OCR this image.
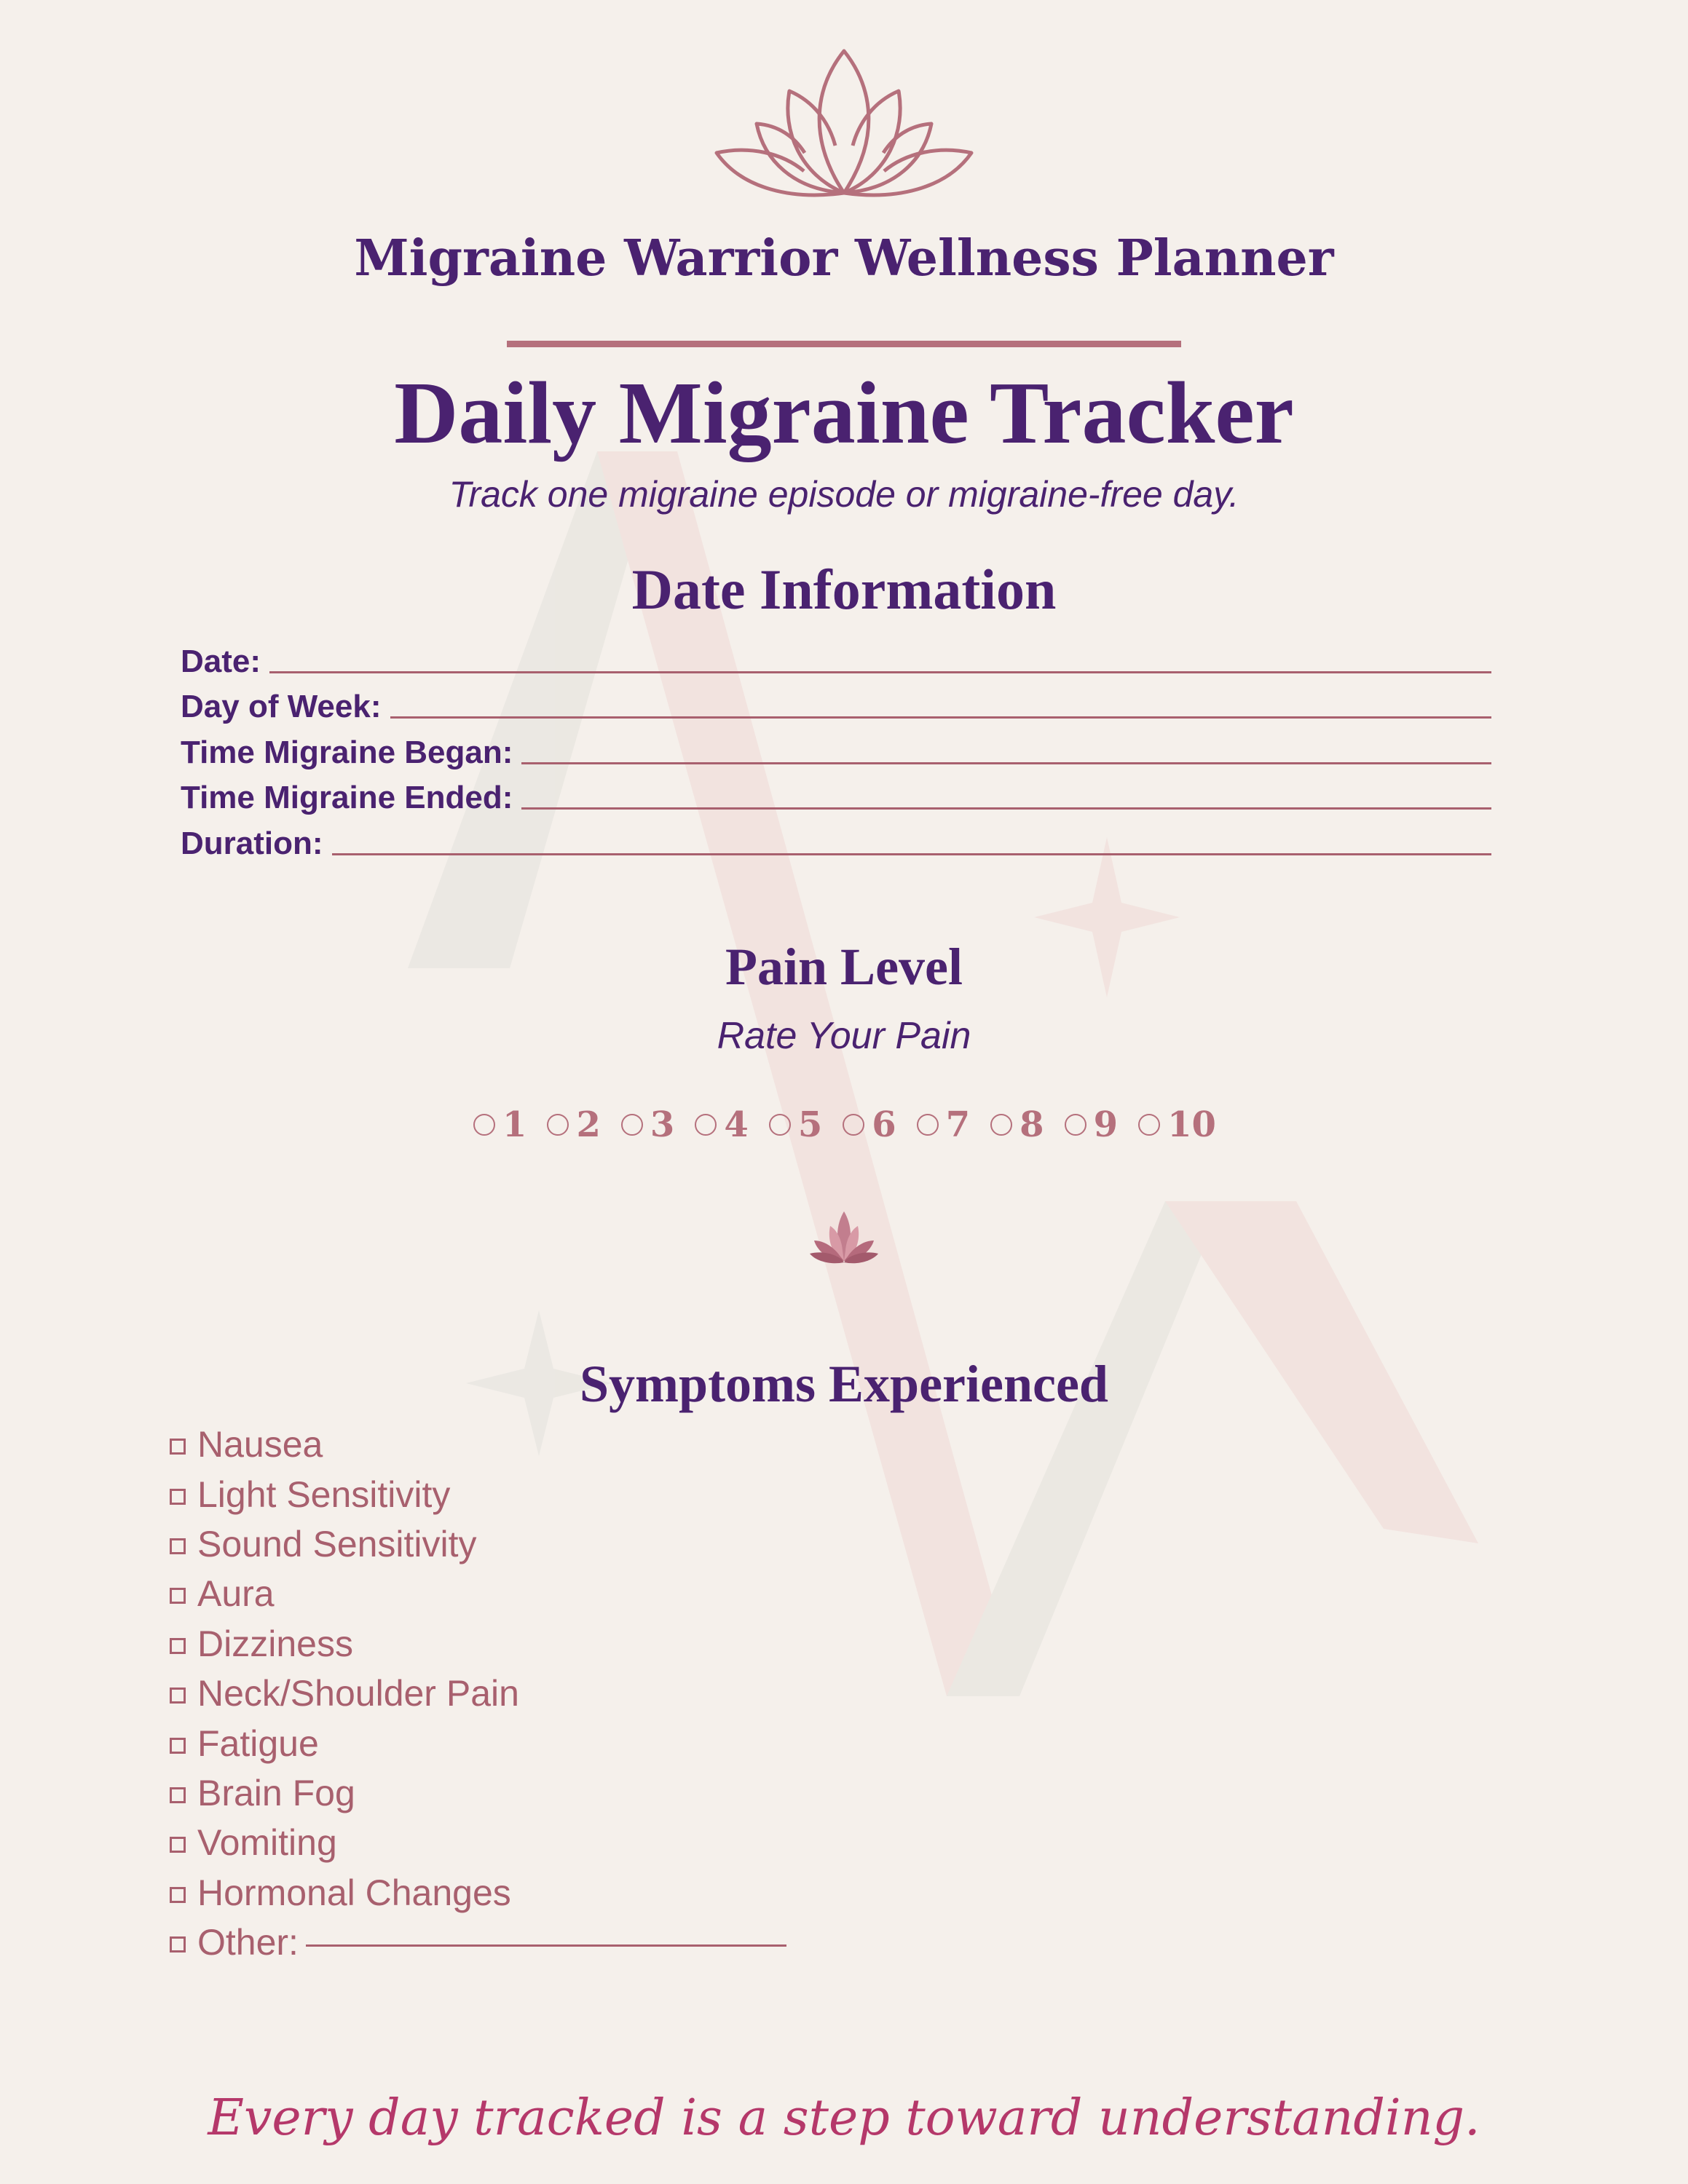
Migraine Warrior Wellness Planner
Daily Migraine Tracker
Track one migraine episode or migraine-free day.
Date Information
Date:
Day of Week:
Time Migraine Began:
Time Migraine Ended:
Duration:
Pain Level
Rate Your Pain
1 2 3 4 5 6 7 8 9 10
Symptoms Experienced
Nausea
Light Sensitivity
Sound Sensitivity
Aura
Dizziness
Neck/Shoulder Pain
Fatigue
Brain Fog
Vomiting
Hormonal Changes
Other:
Every day tracked is a step toward understanding.
